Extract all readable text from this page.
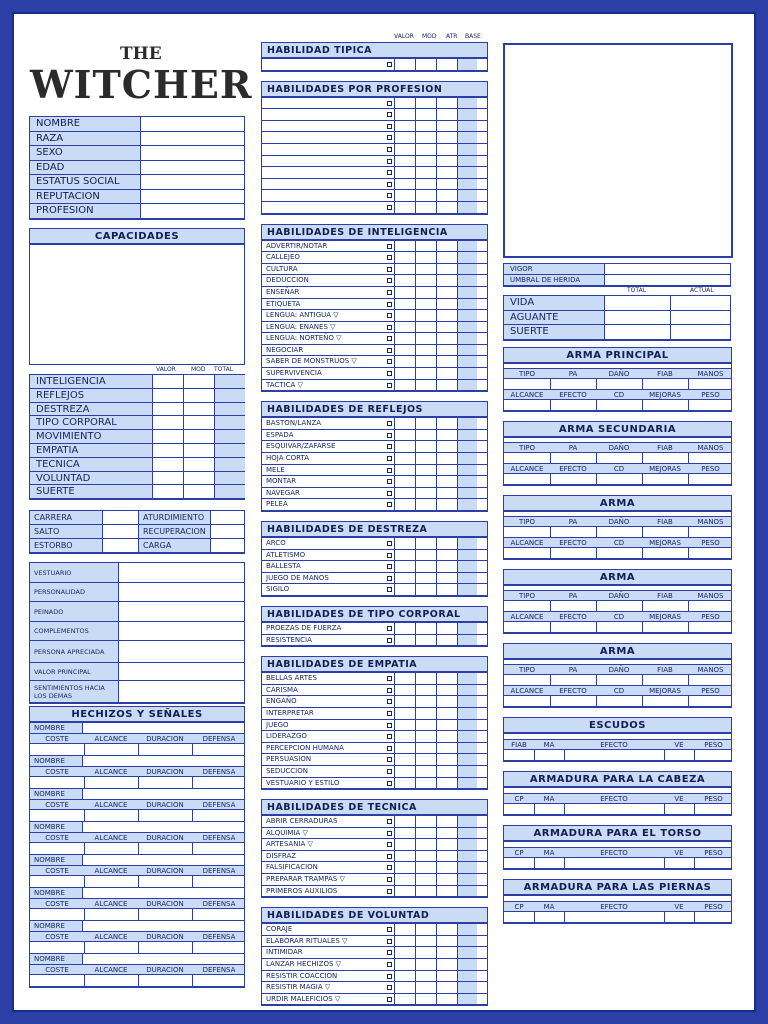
THE
WITCHER
NOMBRE
RAZA
SEXO
EDAD
ESTATUS SOCIAL
REPUTACION
PROFESION
CAPACIDADES
VALOR	MOD TOTAL
INTELIGENCIA
REFLEJOS
DESTREZA
TIPO CORPORAL
MOVIMIENTO
EMPATIA
TECNICA
VOLUNTAD
SUERTE
CARRERA	ATURDIMIENTO
SALTO	RECUPERACION
ESTORBO	CARGA
VESTUARIO
PERSONALIDAD
PEINADO
COMPLEMENTOS
PERSONA APRECIADA
VALOR PRINCIPAL
SENTIMIENTOS HACIA LOS DEMAS
HECHIZOS Y SEÑALES
NOMBRE
COSTE	ALCANCE	DURACION	DEFENSA
NOMBRE
COSTE	ALCANCE	DURACION	DEFENSA
NOMBRE
COSTE	ALCANCE	DURACION	DEFENSA
NOMBRE
COSTE	ALCANCE	DURACION	DEFENSA
NOMBRE
COSTE	ALCANCE	DURACION	DEFENSA
NOMBRE
COSTE	ALCANCE	DURACION	DEFENSA
NOMBRE
COSTE	ALCANCE	DURACION	DEFENSA
NOMBRE
COSTE	ALCANCE	DURACION	DEFENSA
VALOR MOD ATR BASE
HABILIDAD TIPICA
HABILIDADES POR PROFESION
HABILIDADES DE INTELIGENCIA
ADVERTIR/NOTAR
CALLEJEO
CULTURA
DEDUCCION
ENSEÑAR
ETIQUETA
LENGUA: ANTIGUA ▽
LENGUA: ENANES ▽
LENGUA: NORTEÑO ▽
NEGOCIAR
SABER DE MONSTRUOS ▽
SUPERVIVENCIA
TACTICA ▽
HABILIDADES DE REFLEJOS
BASTON/LANZA
ESPADA
ESQUIVAR/ZAFARSE
HOJA CORTA
MELE
MONTAR
NAVEGAR
PELEA
HABILIDADES DE DESTREZA
ARCO
ATLETISMO
BALLESTA
JUEGO DE MANOS
SIGILO
HABILIDADES DE TIPO CORPORAL
PROEZAS DE FUERZA
RESISTENCIA
HABILIDADES DE EMPATIA
BELLAS ARTES
CARISMA
ENGAÑO
INTERPRETAR
JUEGO
LIDERAZGO
PERCEPCION HUMANA
PERSUASION
SEDUCCION
VESTUARIO Y ESTILO
HABILIDADES DE TECNICA
ABRIR CERRADURAS
ALQUIMIA ▽
ARTESANIA ▽
DISFRAZ
FALSIFICACION
PREPARAR TRAMPAS ▽
PRIMEROS AUXILIOS
HABILIDADES DE VOLUNTAD
CORAJE
ELABORAR RITUALES ▽
INTIMIDAR
LANZAR HECHIZOS ▽
RESISTIR COACCION
RESISTIR MAGIA ▽
URDIR MALEFICIOS ▽
VIGOR
UMBRAL DE HERIDA
TOTAL	ACTUAL
VIDA
AGUANTE
SUERTE
ARMA PRINCIPAL
TIPO	PA	DAÑO	FIAB	MANOS
ALCANCE	EFECTO	CD	MEJORAS	PESO
ARMA SECUNDARIA
TIPO	PA	DAÑO	FIAB	MANOS
ALCANCE	EFECTO	CD	MEJORAS	PESO
ARMA
TIPO	PA	DAÑO	FIAB	MANOS
ALCANCE	EFECTO	CD	MEJORAS	PESO
ARMA
TIPO	PA	DAÑO	FIAB	MANOS
ALCANCE	EFECTO	CD	MEJORAS	PESO
ARMA
TIPO	PA	DAÑO	FIAB	MANOS
ALCANCE	EFECTO	CD	MEJORAS	PESO
ESCUDOS
FIAB	MA	EFECTO	VE	PESO
ARMADURA PARA LA CABEZA
CP	MA	EFECTO	VE	PESO
ARMADURA PARA EL TORSO
CP	MA	EFECTO	VE	PESO
ARMADURA PARA LAS PIERNAS
CP	MA	EFECTO	VE	PESO
